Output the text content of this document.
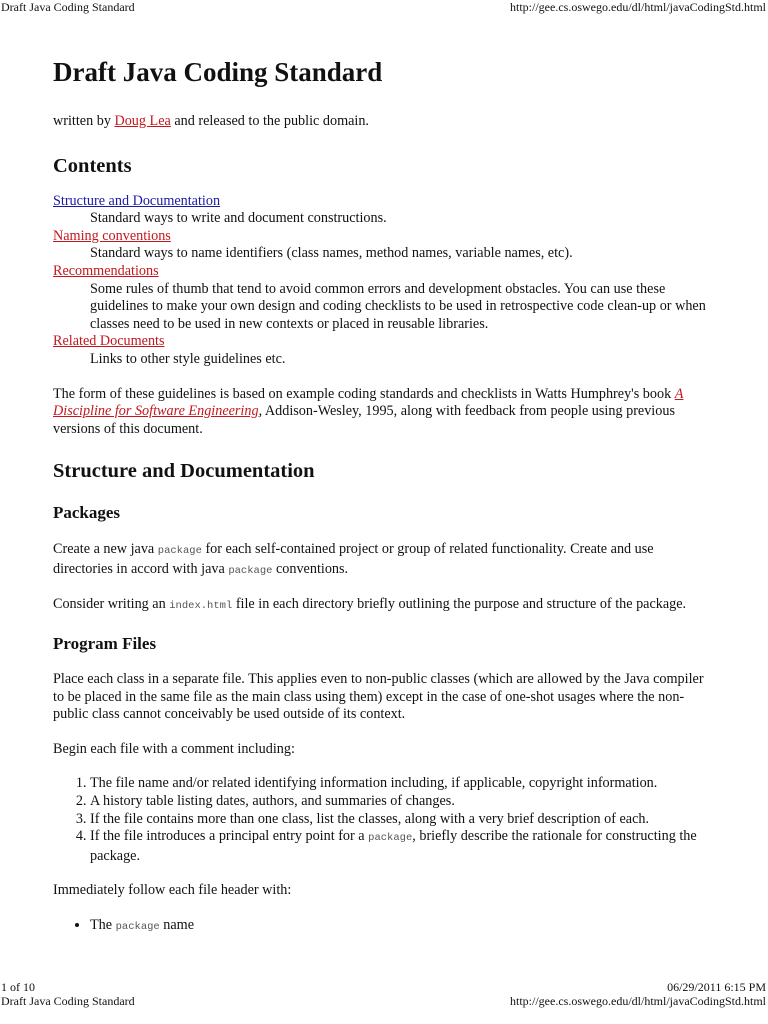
Draft Java Coding Standard	http://gee.cs.oswego.edu/dl/html/javaCodingStd.html
Draft Java Coding Standard

written by Doug Lea and released to the public domain.

Contents
Structure and Documentation
Standard ways to write and document constructions.
Naming conventions
Standard ways to name identifiers (class names, method names, variable names, etc).
Recommendations
Some rules of thumb that tend to avoid common errors and development obstacles. You can use these guidelines to make your own design and coding checklists to be used in retrospective code clean-up or when classes need to be used in new contexts or placed in reusable libraries.
Related Documents
Links to other style guidelines etc.

The form of these guidelines is based on example coding standards and checklists in Watts Humphrey's book A Discipline for Software Engineering, Addison-Wesley, 1995, along with feedback from people using previous versions of this document.

Structure and Documentation
Packages

Create a new java package for each self-contained project or group of related functionality. Create and use directories in accord with java package conventions.

Consider writing an index.html file in each directory briefly outlining the purpose and structure of the package.

Program Files

Place each class in a separate file. This applies even to non-public classes (which are allowed by the Java compiler to be placed in the same file as the main class using them) except in the case of one-shot usages where the non-public class cannot conceivably be used outside of its context.

Begin each file with a comment including:

1. The file name and/or related identifying information including, if applicable, copyright information.
2. A history table listing dates, authors, and summaries of changes.
3. If the file contains more than one class, list the classes, along with a very brief description of each.
4. If the file introduces a principal entry point for a package, briefly describe the rationale for constructing the package.

Immediately follow each file header with:

• The package name
1 of 10	06/29/2011 6:15 PM
Draft Java Coding Standard	http://gee.cs.oswego.edu/dl/html/javaCodingStd.html
